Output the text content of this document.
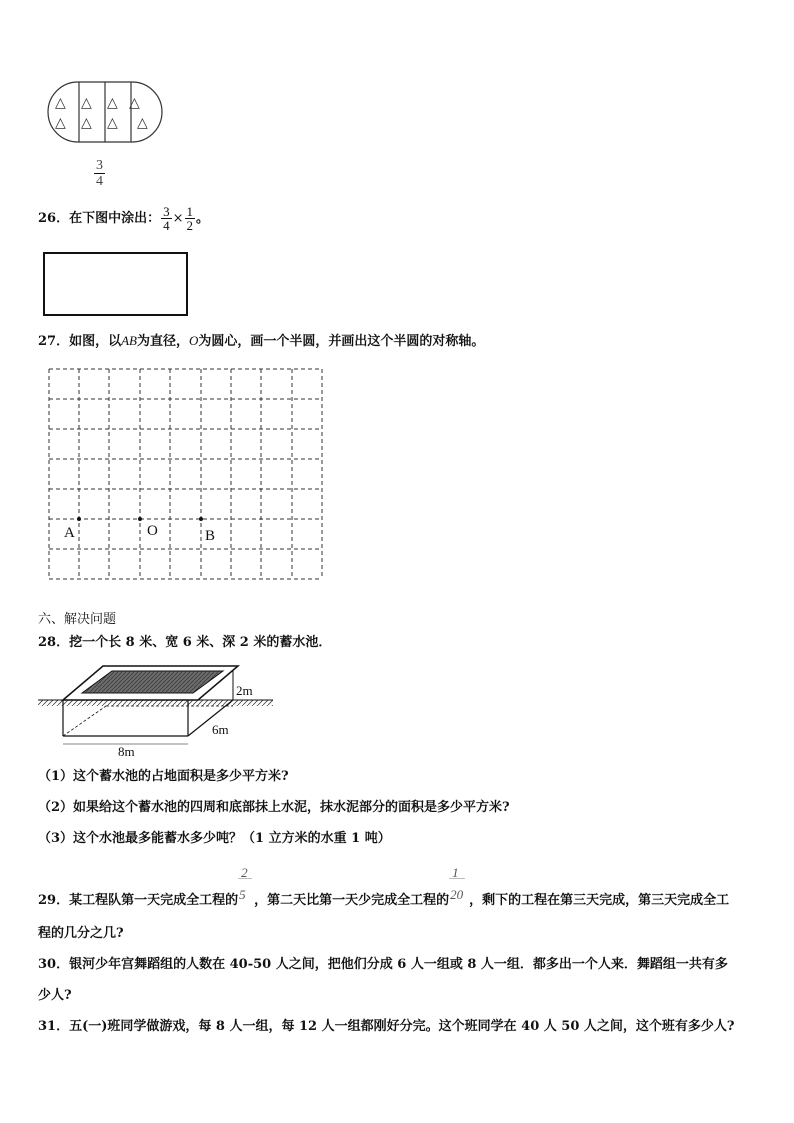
△ △ △ △
△ △ △ △
$\frac{3}{4}$
26．在下图中涂出： $\frac{3}{4} \times \frac{1}{2}$ 。
27．如图，以AB为直径，O为圆心，画一个半圆，并画出这个半圆的对称轴。
A	O	B
六、解决问题
28．挖一个长 8 米、宽 6 米、深 2 米的蓄水池．
2m
6m
8m
（1）这个蓄水池的占地面积是多少平方米?
（2）如果给这个蓄水池的四周和底部抹上水泥，抹水泥部分的面积是多少平方米?
（3）这个水池最多能蓄水多少吨？（1 立方米的水重 1 吨）
29．某工程队第一天完成全工程的 $\frac{2}{5}$ ，第二天比第一天少完成全工程的 $\frac{1}{20}$ ，剩下的工程在第三天完成，第三天完成全工
程的几分之几?
30．银河少年宫舞蹈组的人数在 40-50 人之间，把他们分成 6 人一组或 8 人一组．都多出一个人来．舞蹈组一共有多
少人?
31．五(一)班同学做游戏，每 8 人一组，每 12 人一组都刚好分完。这个班同学在 40 人 50 人之间，这个班有多少人?
